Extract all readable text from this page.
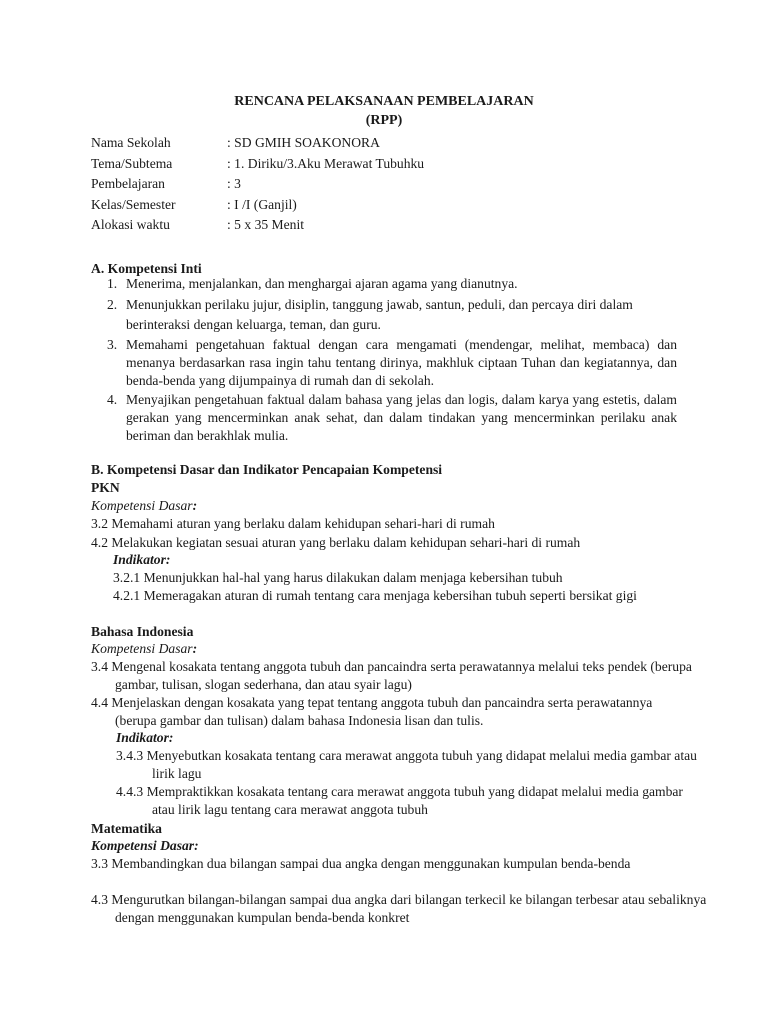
RENCANA PELAKSANAAN PEMBELAJARAN
(RPP)
Nama Sekolah	: SD GMIH SOAKONORA
Tema/Subtema	: 1. Diriku/3.Aku Merawat Tubuhku
Pembelajaran	: 3
Kelas/Semester	: I /I (Ganjil)
Alokasi waktu	: 5 x 35 Menit
A. Kompetensi Inti
1. Menerima, menjalankan, dan menghargai ajaran agama yang dianutnya.
2. Menunjukkan perilaku jujur, disiplin, tanggung jawab, santun, peduli, dan percaya diri dalam berinteraksi dengan keluarga, teman, dan guru.
3. Memahami pengetahuan faktual dengan cara mengamati (mendengar, melihat, membaca) dan menanya berdasarkan rasa ingin tahu tentang dirinya, makhluk ciptaan Tuhan dan kegiatannya, dan benda-benda yang dijumpainya di rumah dan di sekolah.
4. Menyajikan pengetahuan faktual dalam bahasa yang jelas dan logis, dalam karya yang estetis, dalam gerakan yang mencerminkan anak sehat, dan dalam tindakan yang mencerminkan perilaku anak beriman dan berakhlak mulia.
B. Kompetensi Dasar dan Indikator Pencapaian Kompetensi
PKN
Kompetensi Dasar:
3.2 Memahami aturan yang berlaku dalam kehidupan sehari-hari di rumah
4.2 Melakukan kegiatan sesuai aturan yang berlaku dalam kehidupan sehari-hari di rumah
Indikator:
3.2.1 Menunjukkan hal-hal yang harus dilakukan dalam menjaga kebersihan tubuh
4.2.1 Memeragakan aturan di rumah tentang cara menjaga kebersihan tubuh seperti bersikat gigi
Bahasa Indonesia
Kompetensi Dasar:
3.4 Mengenal kosakata tentang anggota tubuh dan pancaindra serta perawatannya melalui teks pendek (berupa gambar, tulisan, slogan sederhana, dan atau syair lagu)
4.4 Menjelaskan dengan kosakata yang tepat tentang anggota tubuh dan pancaindra serta perawatannya (berupa gambar dan tulisan) dalam bahasa Indonesia lisan dan tulis.
Indikator:
3.4.3 Menyebutkan kosakata tentang cara merawat anggota tubuh yang didapat melalui media gambar atau lirik lagu
4.4.3 Mempraktikkan kosakata tentang cara merawat anggota tubuh yang didapat melalui media gambar atau lirik lagu tentang cara merawat anggota tubuh
Matematika
Kompetensi Dasar:
3.3 Membandingkan dua bilangan sampai dua angka dengan menggunakan kumpulan benda-benda
4.3 Mengurutkan bilangan-bilangan sampai dua angka dari bilangan terkecil ke bilangan terbesar atau sebaliknya dengan menggunakan kumpulan benda-benda konkret
